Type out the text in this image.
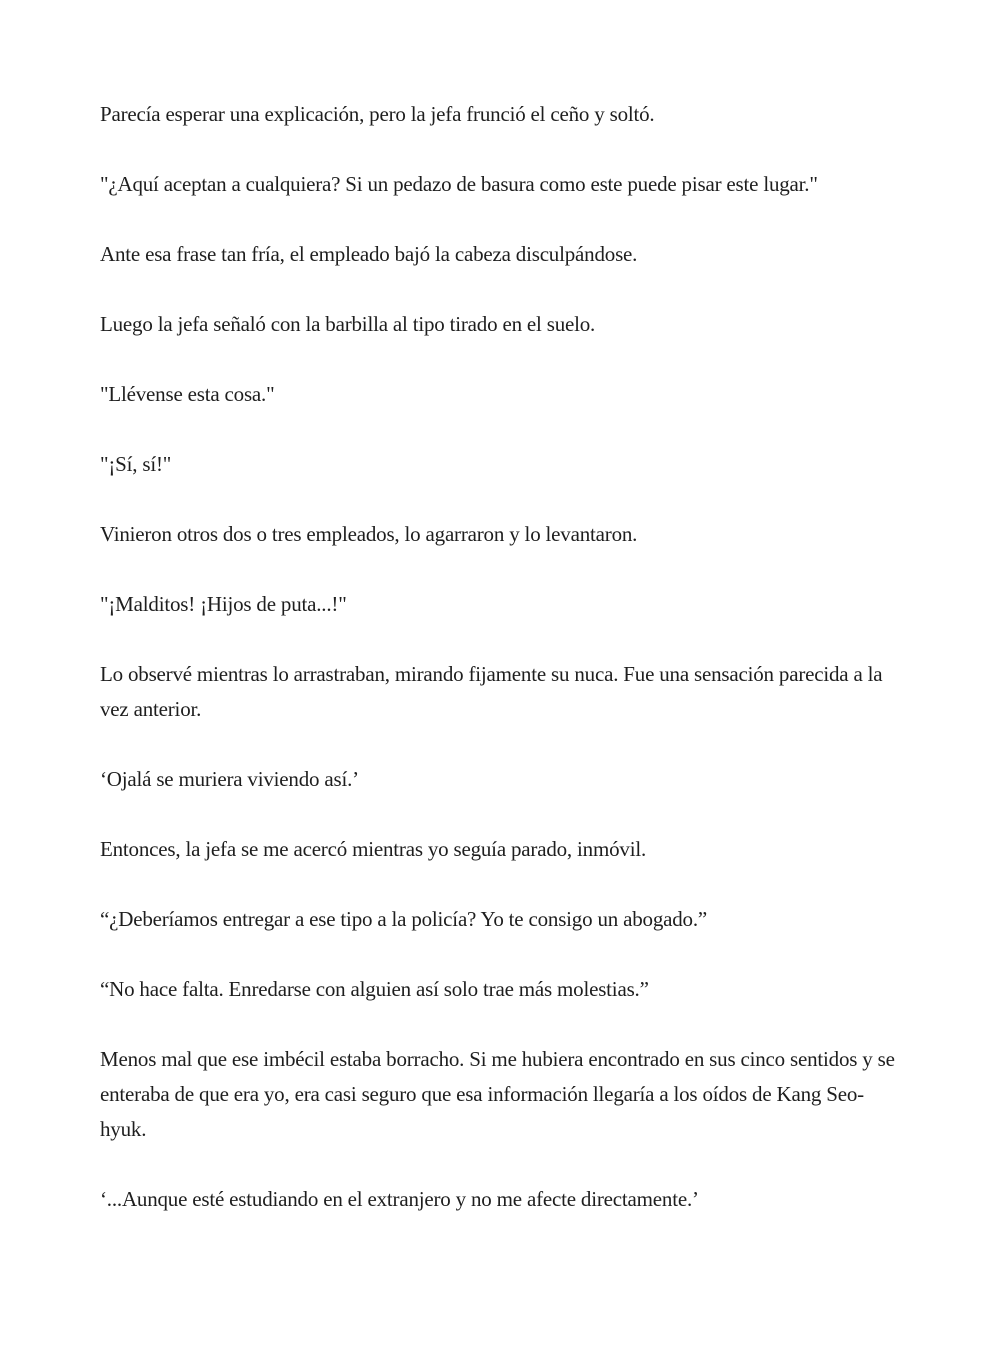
Parecía esperar una explicación, pero la jefa frunció el ceño y soltó.

"¿Aquí aceptan a cualquiera? Si un pedazo de basura como este puede pisar este lugar."

Ante esa frase tan fría, el empleado bajó la cabeza disculpándose.

Luego la jefa señaló con la barbilla al tipo tirado en el suelo.

"Llévense esta cosa."

"¡Sí, sí!"

Vinieron otros dos o tres empleados, lo agarraron y lo levantaron.

"¡Malditos! ¡Hijos de puta...!"

Lo observé mientras lo arrastraban, mirando fijamente su nuca. Fue una sensación parecida a la vez anterior.

‘Ojalá se muriera viviendo así.’

Entonces, la jefa se me acercó mientras yo seguía parado, inmóvil.

“¿Deberíamos entregar a ese tipo a la policía? Yo te consigo un abogado.”

“No hace falta. Enredarse con alguien así solo trae más molestias.”

Menos mal que ese imbécil estaba borracho. Si me hubiera encontrado en sus cinco sentidos y se enteraba de que era yo, era casi seguro que esa información llegaría a los oídos de Kang Seo-hyuk.

‘...Aunque esté estudiando en el extranjero y no me afecte directamente.’
